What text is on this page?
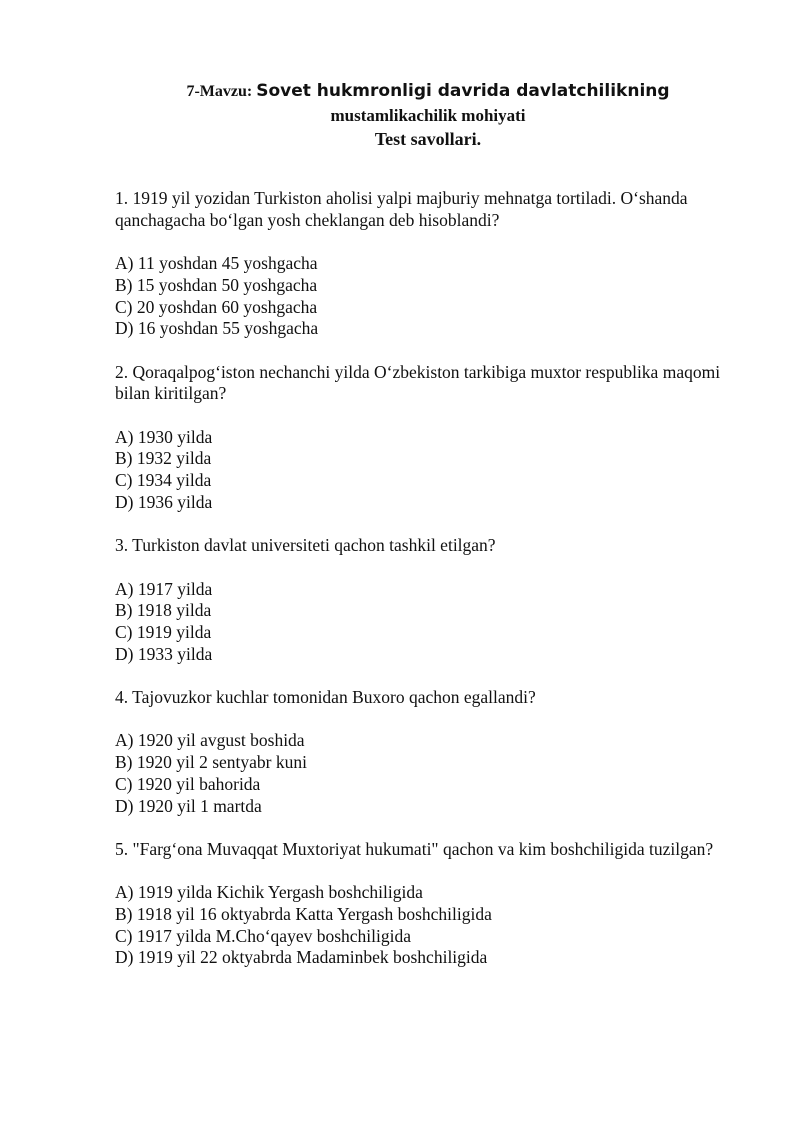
7-Mavzu: Sovet hukmronligi davrida davlatchilikning
mustamlikachilik mohiyati
Test savollari.
1. 1919 yil yozidan Turkiston aholisi yalpi majburiy mehnatga tortiladi. O‘shanda qanchagacha bo‘lgan yosh cheklangan deb hisoblandi?
A) 11 yoshdan 45 yoshgacha
B) 15 yoshdan 50 yoshgacha
C) 20 yoshdan 60 yoshgacha
D) 16 yoshdan 55 yoshgacha
2. Qoraqalpog‘iston nechanchi yilda O‘zbekiston tarkibiga muxtor respublika maqomi bilan kiritilgan?
A) 1930 yilda
B) 1932 yilda
C) 1934 yilda
D) 1936 yilda
3. Turkiston davlat universiteti qachon tashkil etilgan?
A) 1917 yilda
B) 1918 yilda
C) 1919 yilda
D) 1933 yilda
4. Tajovuzkor kuchlar tomonidan Buxoro qachon egallandi?
A) 1920 yil avgust boshida
B) 1920 yil 2 sentyabr kuni
C) 1920 yil bahorida
D) 1920 yil 1 martda
5. "Farg‘ona Muvaqqat Muxtoriyat hukumati" qachon va kim boshchiligida tuzilgan?
A) 1919 yilda Kichik Yergash boshchiligida
B) 1918 yil 16 oktyabrda Katta Yergash boshchiligida
C) 1917 yilda M.Cho‘qayev boshchiligida
D) 1919 yil 22 oktyabrda Madaminbek boshchiligida
